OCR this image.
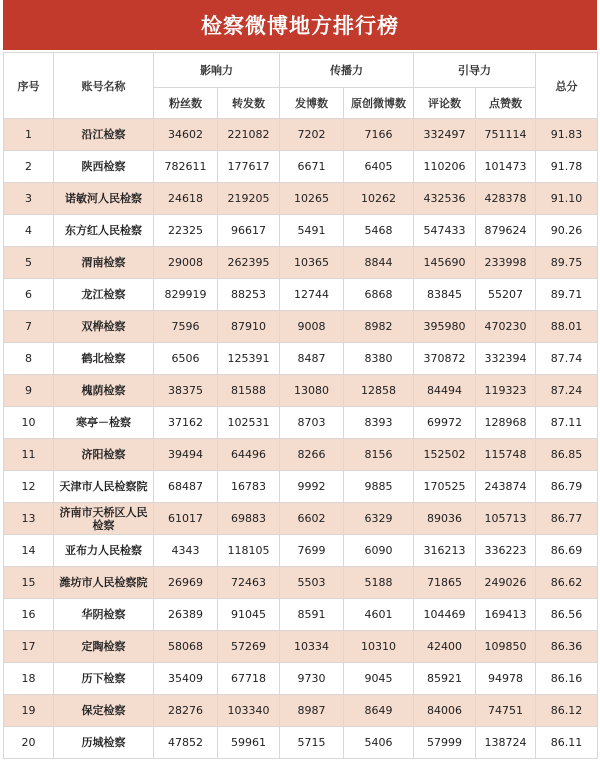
检察微博地方排行榜
序号	账号名称	影响力		传播力		引导力		总分
		粉丝数	转发数	发博数	原创微博数	评论数	点赞数	
1	沿江检察	34602	221082	7202	7166	332497	751114	91.83
2	陕西检察	782611	177617	6671	6405	110206	101473	91.78
3	诺敏河人民检察	24618	219205	10265	10262	432536	428378	91.10
4	东方红人民检察	22325	96617	5491	5468	547433	879624	90.26
5	渭南检察	29008	262395	10365	8844	145690	233998	89.75
6	龙江检察	829919	88253	12744	6868	83845	55207	89.71
7	双桦检察	7596	87910	9008	8982	395980	470230	88.01
8	鹤北检察	6506	125391	8487	8380	370872	332394	87.74
9	槐荫检察	38375	81588	13080	12858	84494	119323	87.24
10	寒亭－检察	37162	102531	8703	8393	69972	128968	87.11
11	济阳检察	39494	64496	8266	8156	152502	115748	86.85
12	天津市人民检察院	68487	16783	9992	9885	170525	243874	86.79
13	济南市天桥区人民检察	61017	69883	6602	6329	89036	105713	86.77
14	亚布力人民检察	4343	118105	7699	6090	316213	336223	86.69
15	潍坊市人民检察院	26969	72463	5503	5188	71865	249026	86.62
16	华阴检察	26389	91045	8591	4601	104469	169413	86.56
17	定陶检察	58068	57269	10334	10310	42400	109850	86.36
18	历下检察	35409	67718	9730	9045	85921	94978	86.16
19	保定检察	28276	103340	8987	8649	84006	74751	86.12
20	历城检察	47852	59961	5715	5406	57999	138724	86.11
